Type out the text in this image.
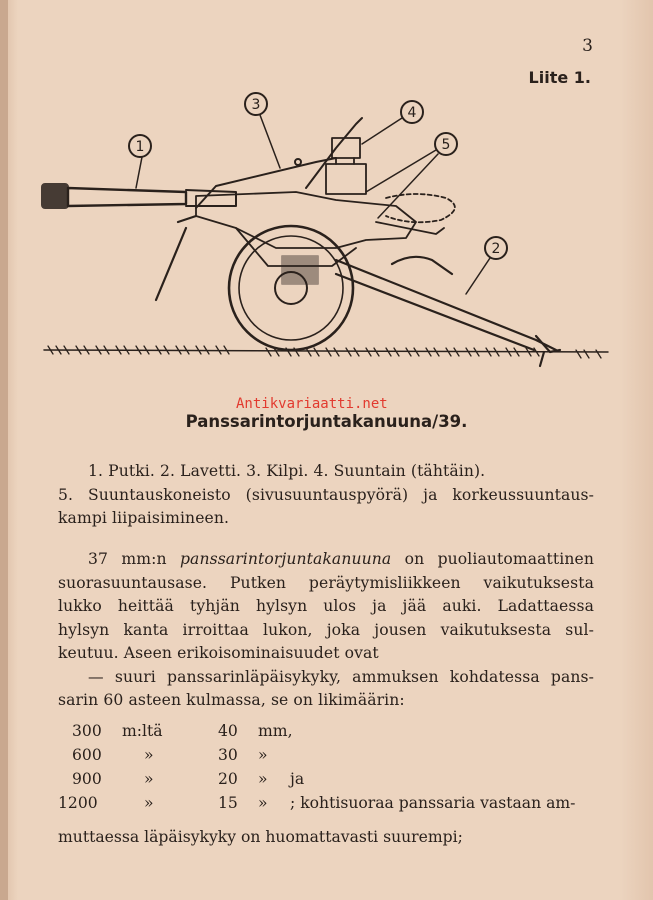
3
Liite 1.
1
2
3	4
5
Antikvariaatti.net
Panssarintorjuntakanuuna/39.
1. Putki. 2. Lavetti. 3. Kilpi. 4. Suuntain (tähtäin).
5. Suuntauskoneisto (sivusuuntauspyörä) ja korkeussuuntaus-
kampi liipaisimineen.
37 mm:n panssarintorjuntakanuuna on puoliautomaattinen
suorasuuntausase. Putken peräytymisliikkeen vaikutuksesta
lukko heittää tyhjän hylsyn ulos ja jää auki. Ladattaessa
hylsyn kanta irroittaa lukon, joka jousen vaikutuksesta sul-
keutuu. Aseen erikoisominaisuudet ovat
— suuri panssarinläpäisykyky, ammuksen kohdatessa pans-
sarin 60 asteen kulmassa, se on likimäärin:
300	m:ltä	40 mm,
600	»	30 »
900	»	20 » ja
1200	»	15 » ; kohtisuoraa panssaria vastaan am-
muttaessa läpäisykyky on huomattavasti suurempi;
